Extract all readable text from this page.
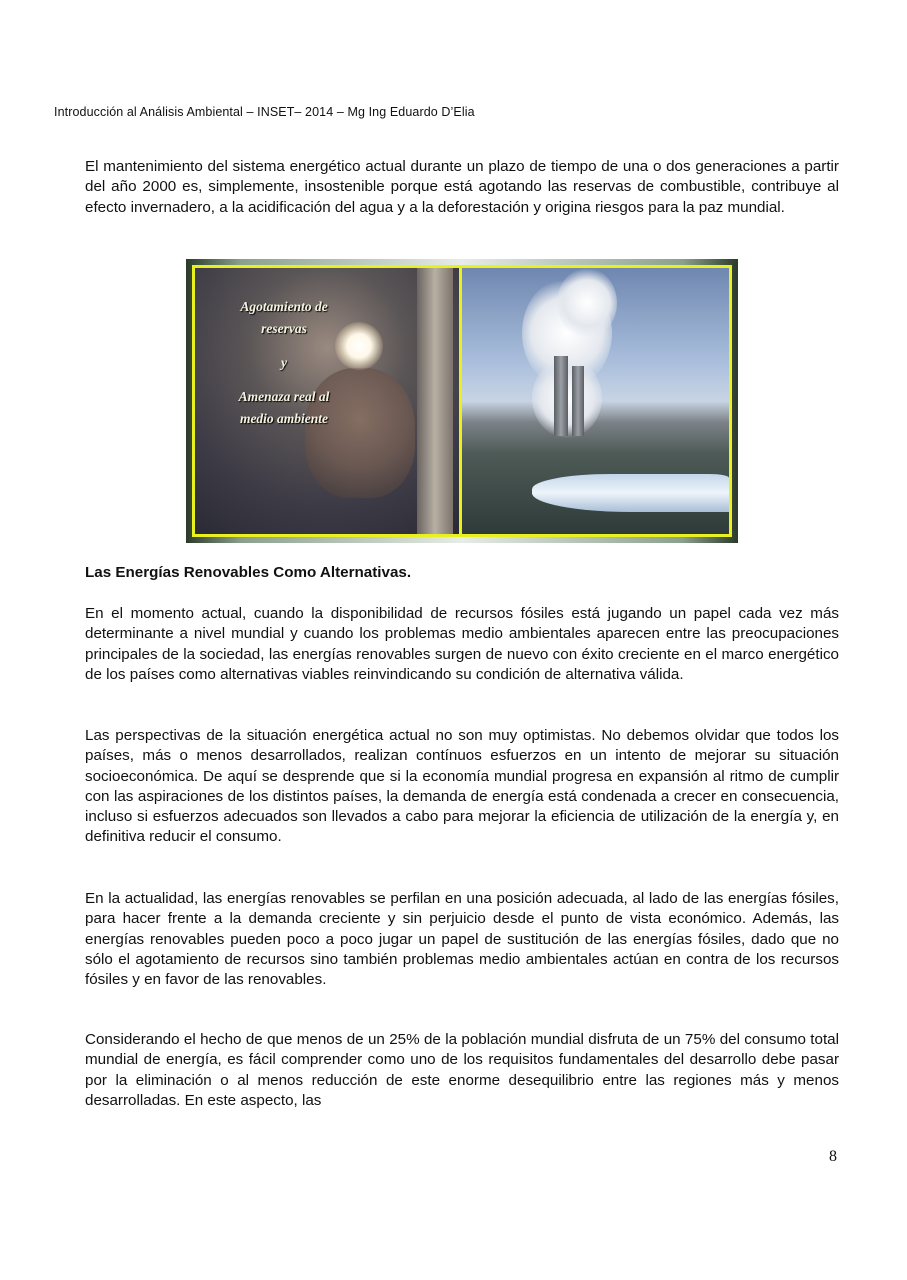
Introducción al Análisis Ambiental – INSET– 2014 – Mg Ing Eduardo D’Elia
El mantenimiento del sistema energético actual durante un plazo de tiempo de una o dos generaciones a partir del año 2000 es, simplemente, insostenible porque está agotando las reservas de combustible, contribuye al efecto invernadero, a la acidificación del agua y a la deforestación y origina riesgos para la paz mundial.
Agotamiento de
reservas
y
Amenaza real al
medio ambiente
Las Energías Renovables Como Alternativas.
En el momento actual, cuando la disponibilidad de recursos fósiles está jugando un papel cada vez más determinante a nivel mundial y cuando los problemas medio ambientales aparecen entre las preocupaciones principales de la sociedad, las energías renovables surgen de nuevo con éxito creciente en el marco energético de los países como alternativas viables reinvindicando su condición de alternativa válida.
Las perspectivas de la situación energética actual no son muy optimistas. No debemos olvidar que todos los países, más o menos desarrollados, realizan contínuos esfuerzos en un intento de mejorar su situación socioeconómica. De aquí se desprende que si la economía mundial progresa en expansión al ritmo de cumplir con las aspiraciones de los distintos países, la demanda de energía está condenada a crecer en consecuencia, incluso si esfuerzos adecuados son llevados a cabo para mejorar la eficiencia de utilización de la energía y, en definitiva reducir el consumo.
En la actualidad, las energías renovables se perfilan en una posición adecuada, al lado de las energías fósiles, para hacer frente a la demanda creciente y sin perjuicio desde el punto de vista económico. Además, las energías renovables pueden poco a poco jugar un papel de sustitución de las energías fósiles, dado que no sólo el agotamiento de recursos sino también problemas medio ambientales actúan en contra de los recursos fósiles y en favor de las renovables.
Considerando el hecho de que menos de un 25% de la población mundial disfruta de un 75% del consumo total mundial de energía, es fácil comprender como uno de los requisitos fundamentales del desarrollo debe pasar por la eliminación o al menos reducción de este enorme desequilibrio entre las regiones más y menos desarrolladas. En este aspecto, las
8
